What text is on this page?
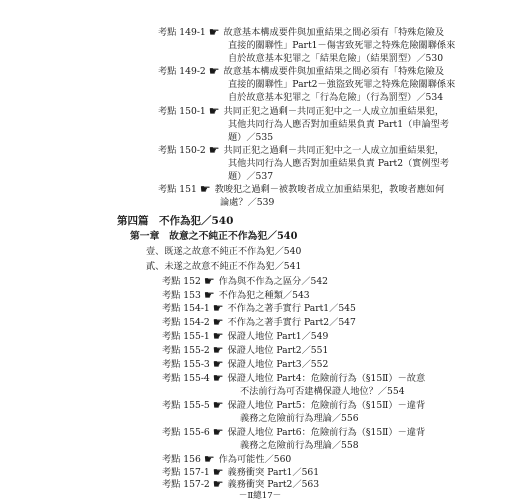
考點 149-1 ☛ 故意基本構成要件與加重結果之間必須有「特殊危險及
直接的關聯性」Part1－傷害致死罪之特殊危險關聯係來
自於故意基本犯罪之「結果危險」（結果罰型）／530
考點 149-2 ☛ 故意基本構成要件與加重結果之間必須有「特殊危險及
直接的關聯性」Part2－強盜致死罪之特殊危險關聯係來
自於故意基本犯罪之「行為危險」（行為罰型）／534
考點 150-1 ☛ 共同正犯之過剩－共同正犯中之一人成立加重結果犯，
其他共同行為人應否對加重結果負責 Part1（申論型考
題）／535
考點 150-2 ☛ 共同正犯之過剩－共同正犯中之一人成立加重結果犯，
其他共同行為人應否對加重結果負責 Part2（實例型考
題）／537
考點 151 ☛ 教唆犯之過剩－被教唆者成立加重結果犯，教唆者應如何
論處？／539
第四篇　不作為犯／540
第一章　故意之不純正不作為犯／540
壹、既遂之故意不純正不作為犯／540
貳、未遂之故意不純正不作為犯／541
考點 152 ☛ 作為與不作為之區分／542
考點 153 ☛ 不作為犯之種類／543
考點 154-1 ☛ 不作為之著手實行 Part1／545
考點 154-2 ☛ 不作為之著手實行 Part2／547
考點 155-1 ☛ 保證人地位 Part1／549
考點 155-2 ☛ 保證人地位 Part2／551
考點 155-3 ☛ 保證人地位 Part3／552
考點 155-4 ☛ 保證人地位 Part4：危險前行為（§15Ⅱ）－故意
不法前行為可否建構保證人地位？／554
考點 155-5 ☛ 保證人地位 Part5：危險前行為（§15Ⅱ）－違背
義務之危險前行為理論／556
考點 155-6 ☛ 保證人地位 Part6：危險前行為（§15Ⅱ）－違背
義務之危險前行為理論／558
考點 156 ☛ 作為可能性／560
考點 157-1 ☛ 義務衝突 Part1／561
考點 157-2 ☛ 義務衝突 Part2／563
－Ⅱ總17－
